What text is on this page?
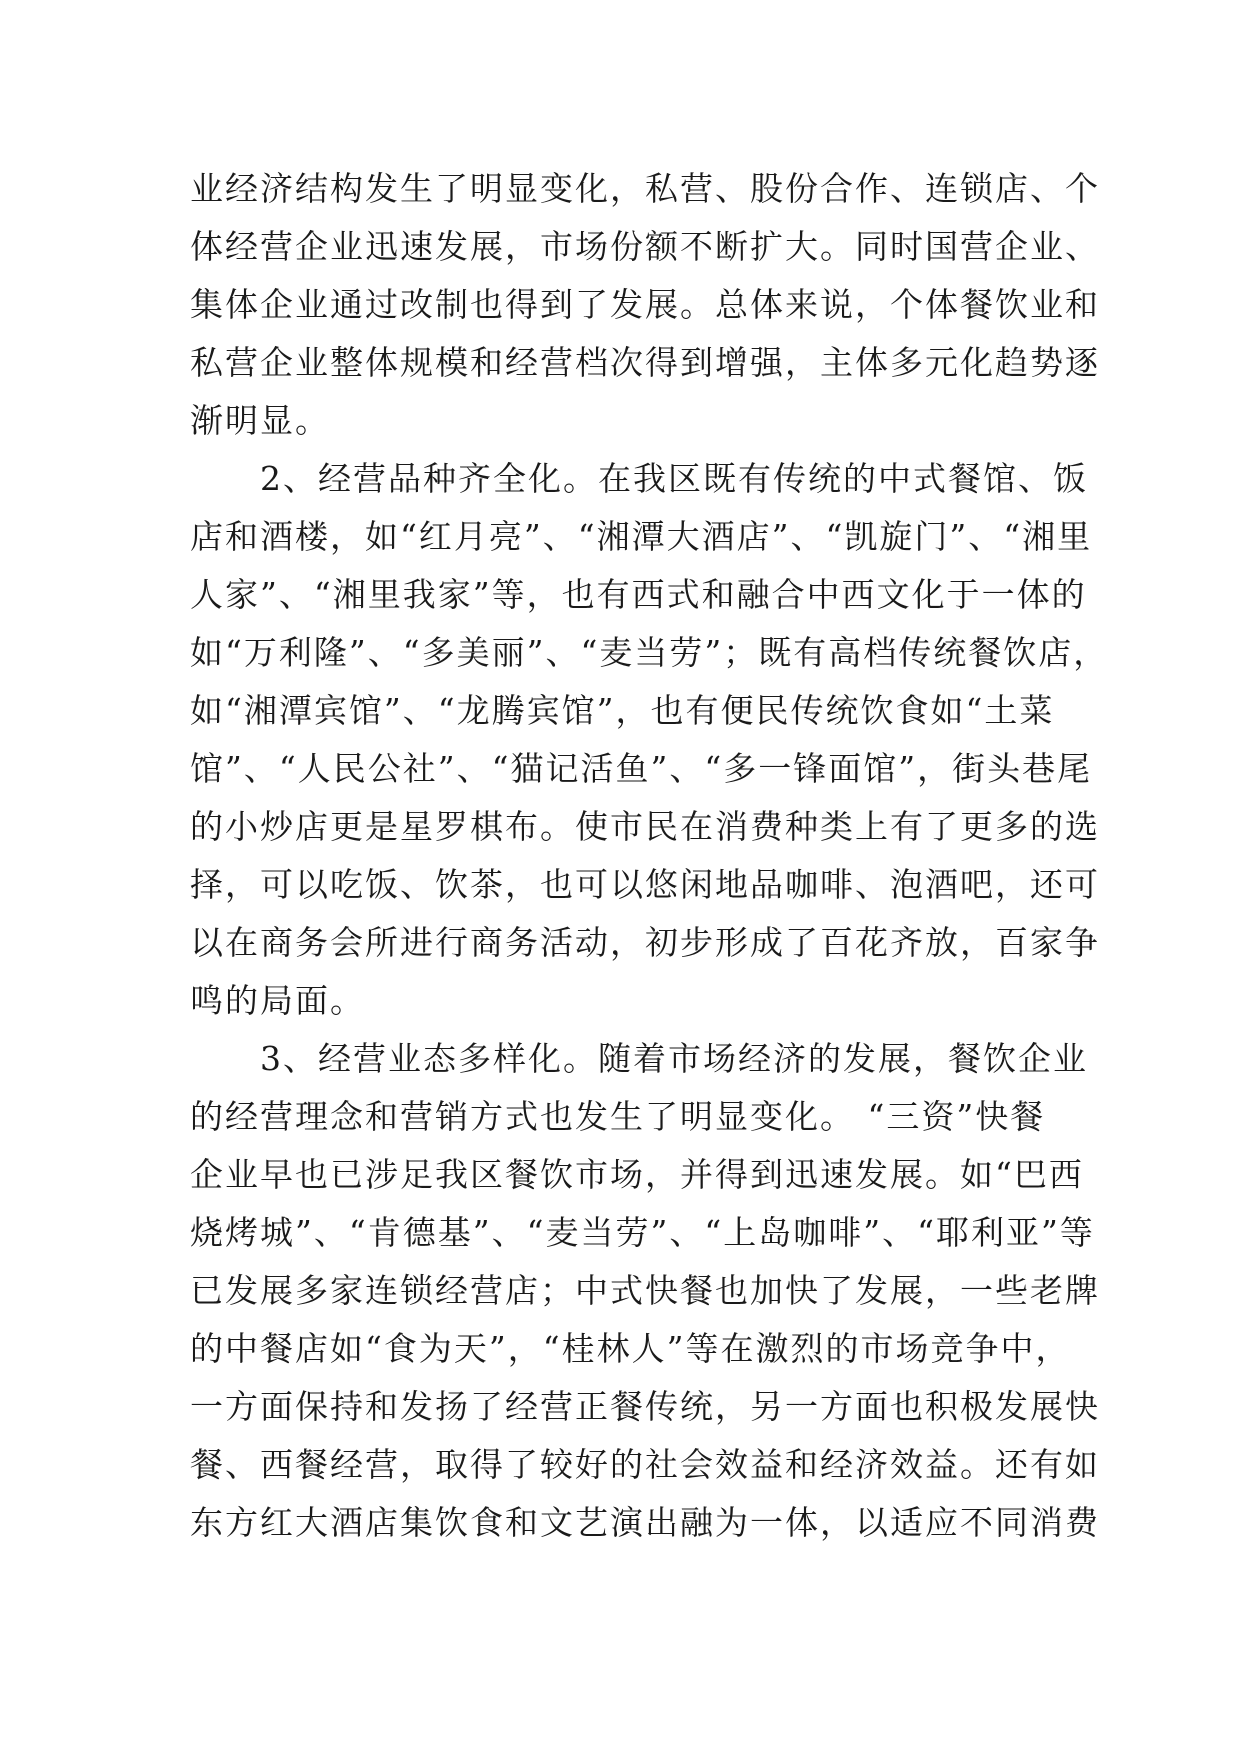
业经济结构发生了明显变化，私营、股份合作、连锁店、个
体经营企业迅速发展，市场份额不断扩大。同时国营企业、
集体企业通过改制也得到了发展。总体来说，个体餐饮业和
私营企业整体规模和经营档次得到增强，主体多元化趋势逐
渐明显。
　　2、经营品种齐全化。在我区既有传统的中式餐馆、饭
店和酒楼，如“红月亮”、“湘潭大酒店”、“凯旋门”、“湘里
人家”、“湘里我家”等，也有西式和融合中西文化于一体的
如“万利隆”、“多美丽”、“麦当劳”；既有高档传统餐饮店，
如“湘潭宾馆”、“龙腾宾馆”，也有便民传统饮食如“土菜
馆”、“人民公社”、“猫记活鱼”、“多一锋面馆”，街头巷尾
的小炒店更是星罗棋布。使市民在消费种类上有了更多的选
择，可以吃饭、饮茶，也可以悠闲地品咖啡、泡酒吧，还可
以在商务会所进行商务活动，初步形成了百花齐放，百家争
鸣的局面。
　　3、经营业态多样化。随着市场经济的发展，餐饮企业
的经营理念和营销方式也发生了明显变化。 “三资”快餐
企业早也已涉足我区餐饮市场，并得到迅速发展。如“巴西
烧烤城”、“肯德基”、“麦当劳”、“上岛咖啡”、“耶利亚”等
已发展多家连锁经营店；中式快餐也加快了发展，一些老牌
的中餐店如“食为天”，“桂林人”等在激烈的市场竞争中，
一方面保持和发扬了经营正餐传统，另一方面也积极发展快
餐、西餐经营，取得了较好的社会效益和经济效益。还有如
东方红大酒店集饮食和文艺演出融为一体，以适应不同消费
